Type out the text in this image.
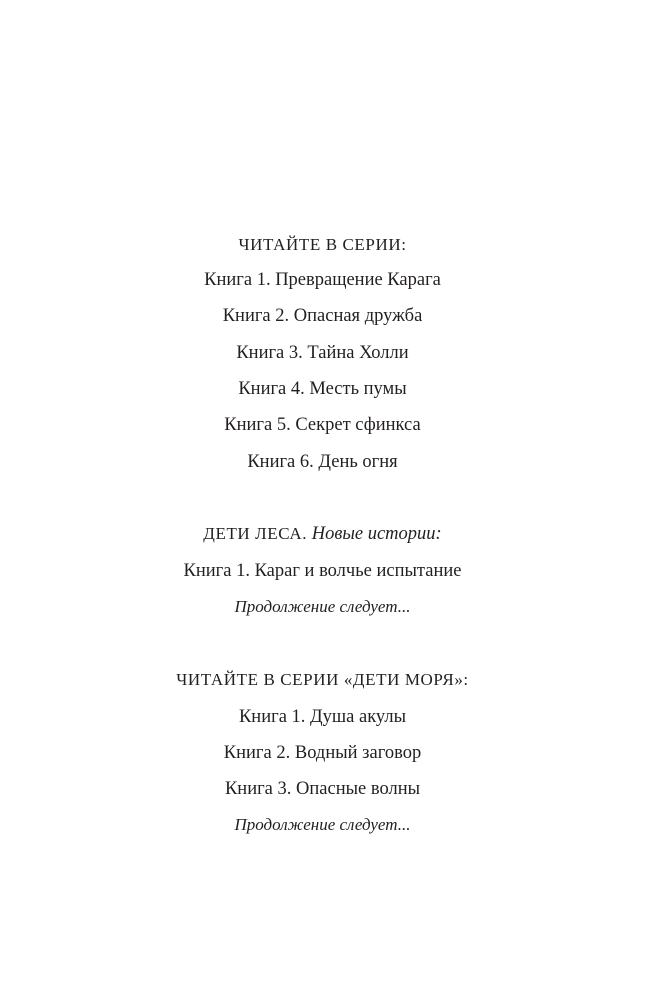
ЧИТАЙТЕ В СЕРИИ:
Книга 1. Превращение Карага
Книга 2. Опасная дружба
Книга 3. Тайна Холли
Книга 4. Месть пумы
Книга 5. Секрет сфинкса
Книга 6. День огня
ДЕТИ ЛЕСА. Новые истории:
Книга 1. Караг и волчье испытание
Продолжение следует...
ЧИТАЙТЕ В СЕРИИ «ДЕТИ МОРЯ»:
Книга 1. Душа акулы
Книга 2. Водный заговор
Книга 3. Опасные волны
Продолжение следует...
